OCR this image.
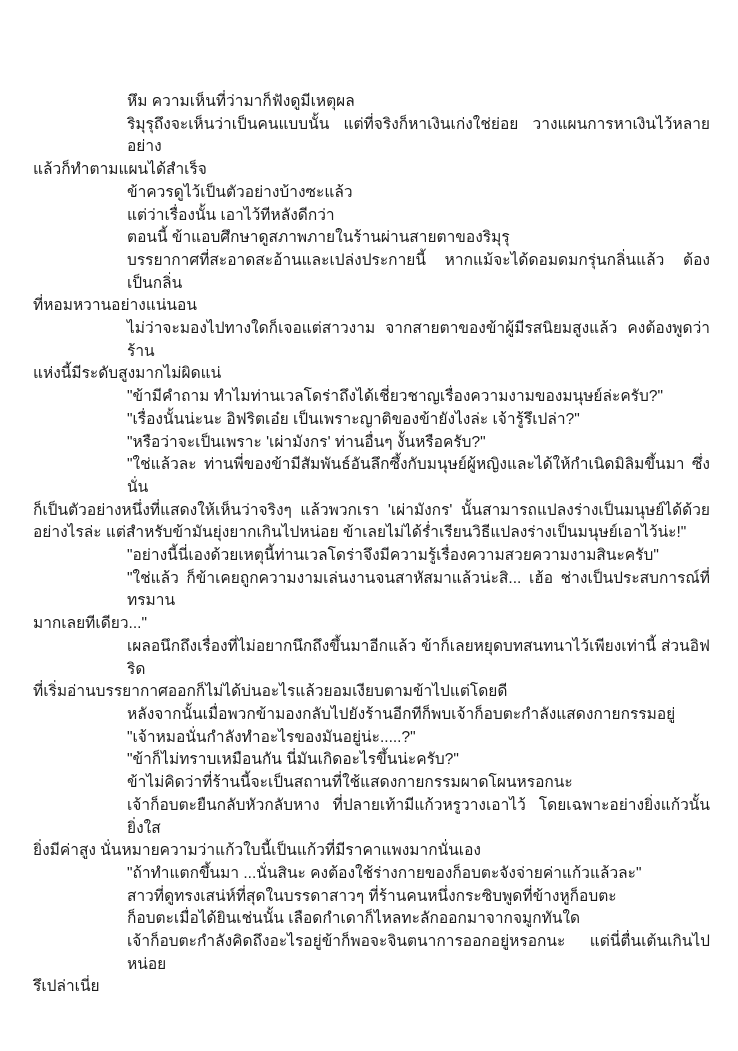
หึม ความเห็นที่ว่ามาก็ฟังดูมีเหตุผล
ริมุรุถึงจะเห็นว่าเป็นคนแบบนั้น แต่ที่จริงก็หาเงินเก่งใช่ย่อย วางแผนการหาเงินไว้หลายอย่าง
แล้วก็ทำตามแผนได้สำเร็จ
ข้าควรดูไว้เป็นตัวอย่างบ้างซะแล้ว
แต่ว่าเรื่องนั้น เอาไว้ทีหลังดีกว่า
ตอนนี้ ข้าแอบศึกษาดูสภาพภายในร้านผ่านสายตาของริมุรุ
บรรยากาศที่สะอาดสะอ้านและเปล่งประกายนี้ หากแม้จะได้ดอมดมกรุ่นกลิ่นแล้ว ต้องเป็นกลิ่น
ที่หอมหวานอย่างแน่นอน
ไม่ว่าจะมองไปทางใดก็เจอแต่สาวงาม จากสายตาของข้าผู้มีรสนิยมสูงแล้ว คงต้องพูดว่าร้าน
แห่งนี้มีระดับสูงมากไม่ผิดแน่
"ข้ามีคำถาม ทำไมท่านเวลโดร่าถึงได้เชี่ยวชาญเรื่องความงามของมนุษย์ล่ะครับ?"
"เรื่องนั้นน่ะนะ อิฟริตเอ๋ย เป็นเพราะญาติของข้ายังไงล่ะ เจ้ารู้รึเปล่า?"
"หรือว่าจะเป็นเพราะ 'เผ่ามังกร' ท่านอื่นๆ งั้นหรือครับ?"
"ใช่แล้วละ ท่านพี่ของข้ามีสัมพันธ์อันลึกซึ้งกับมนุษย์ผู้หญิงและได้ให้กำเนิดมิลิมขึ้นมา ซึ่งนั่น
ก็เป็นตัวอย่างหนึ่งที่แสดงให้เห็นว่าจริงๆ แล้วพวกเรา 'เผ่ามังกร' นั้นสามารถแปลงร่างเป็นมนุษย์ได้ด้วย
อย่างไรล่ะ แต่สำหรับข้ามันยุ่งยากเกินไปหน่อย ข้าเลยไม่ได้ร่ำเรียนวิธีแปลงร่างเป็นมนุษย์เอาไว้น่ะ!"
"อย่างนี้นี่เองด้วยเหตุนี้ท่านเวลโดร่าจึงมีความรู้เรื่องความสวยความงามสินะครับ"
"ใช่แล้ว ก็ข้าเคยถูกความงามเล่นงานจนสาหัสมาแล้วน่ะสิ... เฮ้อ ช่างเป็นประสบการณ์ที่ทรมาน
มากเลยทีเดียว..."
เผลอนึกถึงเรื่องที่ไม่อยากนึกถึงขึ้นมาอีกแล้ว ข้าก็เลยหยุดบทสนทนาไว้เพียงเท่านี้ ส่วนอิฟริด
ที่เริ่มอ่านบรรยากาศออกก็ไม่ได้บ่นอะไรแล้วยอมเงียบตามข้าไปแต่โดยดี
หลังจากนั้นเมื่อพวกข้ามองกลับไปยังร้านอีกทีก็พบเจ้าก็อบตะกำลังแสดงกายกรรมอยู่
"เจ้าหมอนั่นกำลังทำอะไรของมันอยู่น่ะ.....?"
"ข้าก็ไม่ทราบเหมือนกัน นี่มันเกิดอะไรขึ้นน่ะครับ?"
ข้าไม่คิดว่าที่ร้านนี้จะเป็นสถานที่ใช้แสดงกายกรรมผาดโผนหรอกนะ
เจ้าก็อบตะยืนกลับหัวกลับหาง ที่ปลายเท้ามีแก้วหรูวางเอาไว้ โดยเฉพาะอย่างยิ่งแก้วนั้น ยิ่งใส
ยิ่งมีค่าสูง นั่นหมายความว่าแก้วใบนี้เป็นแก้วที่มีราคาแพงมากนั่นเอง
"ถ้าทำแตกขึ้นมา ...นั่นสินะ คงต้องใช้ร่างกายของก็อบตะจังจ่ายค่าแก้วแล้วละ"
สาวที่ดูทรงเสน่ห์ที่สุดในบรรดาสาวๆ ที่ร้านคนหนึ่งกระซิบพูดที่ข้างหูก็อบตะ
ก็อบตะเมื่อได้ยินเช่นนั้น เลือดกำเดาก็ไหลทะลักออกมาจากจมูกทันใด
เจ้าก็อบตะกำลังคิดถึงอะไรอยู่ข้าก็พอจะจินตนาการออกอยู่หรอกนะ แต่นี่ตื่นเต้นเกินไปหน่อย
รึเปล่าเนี่ย
